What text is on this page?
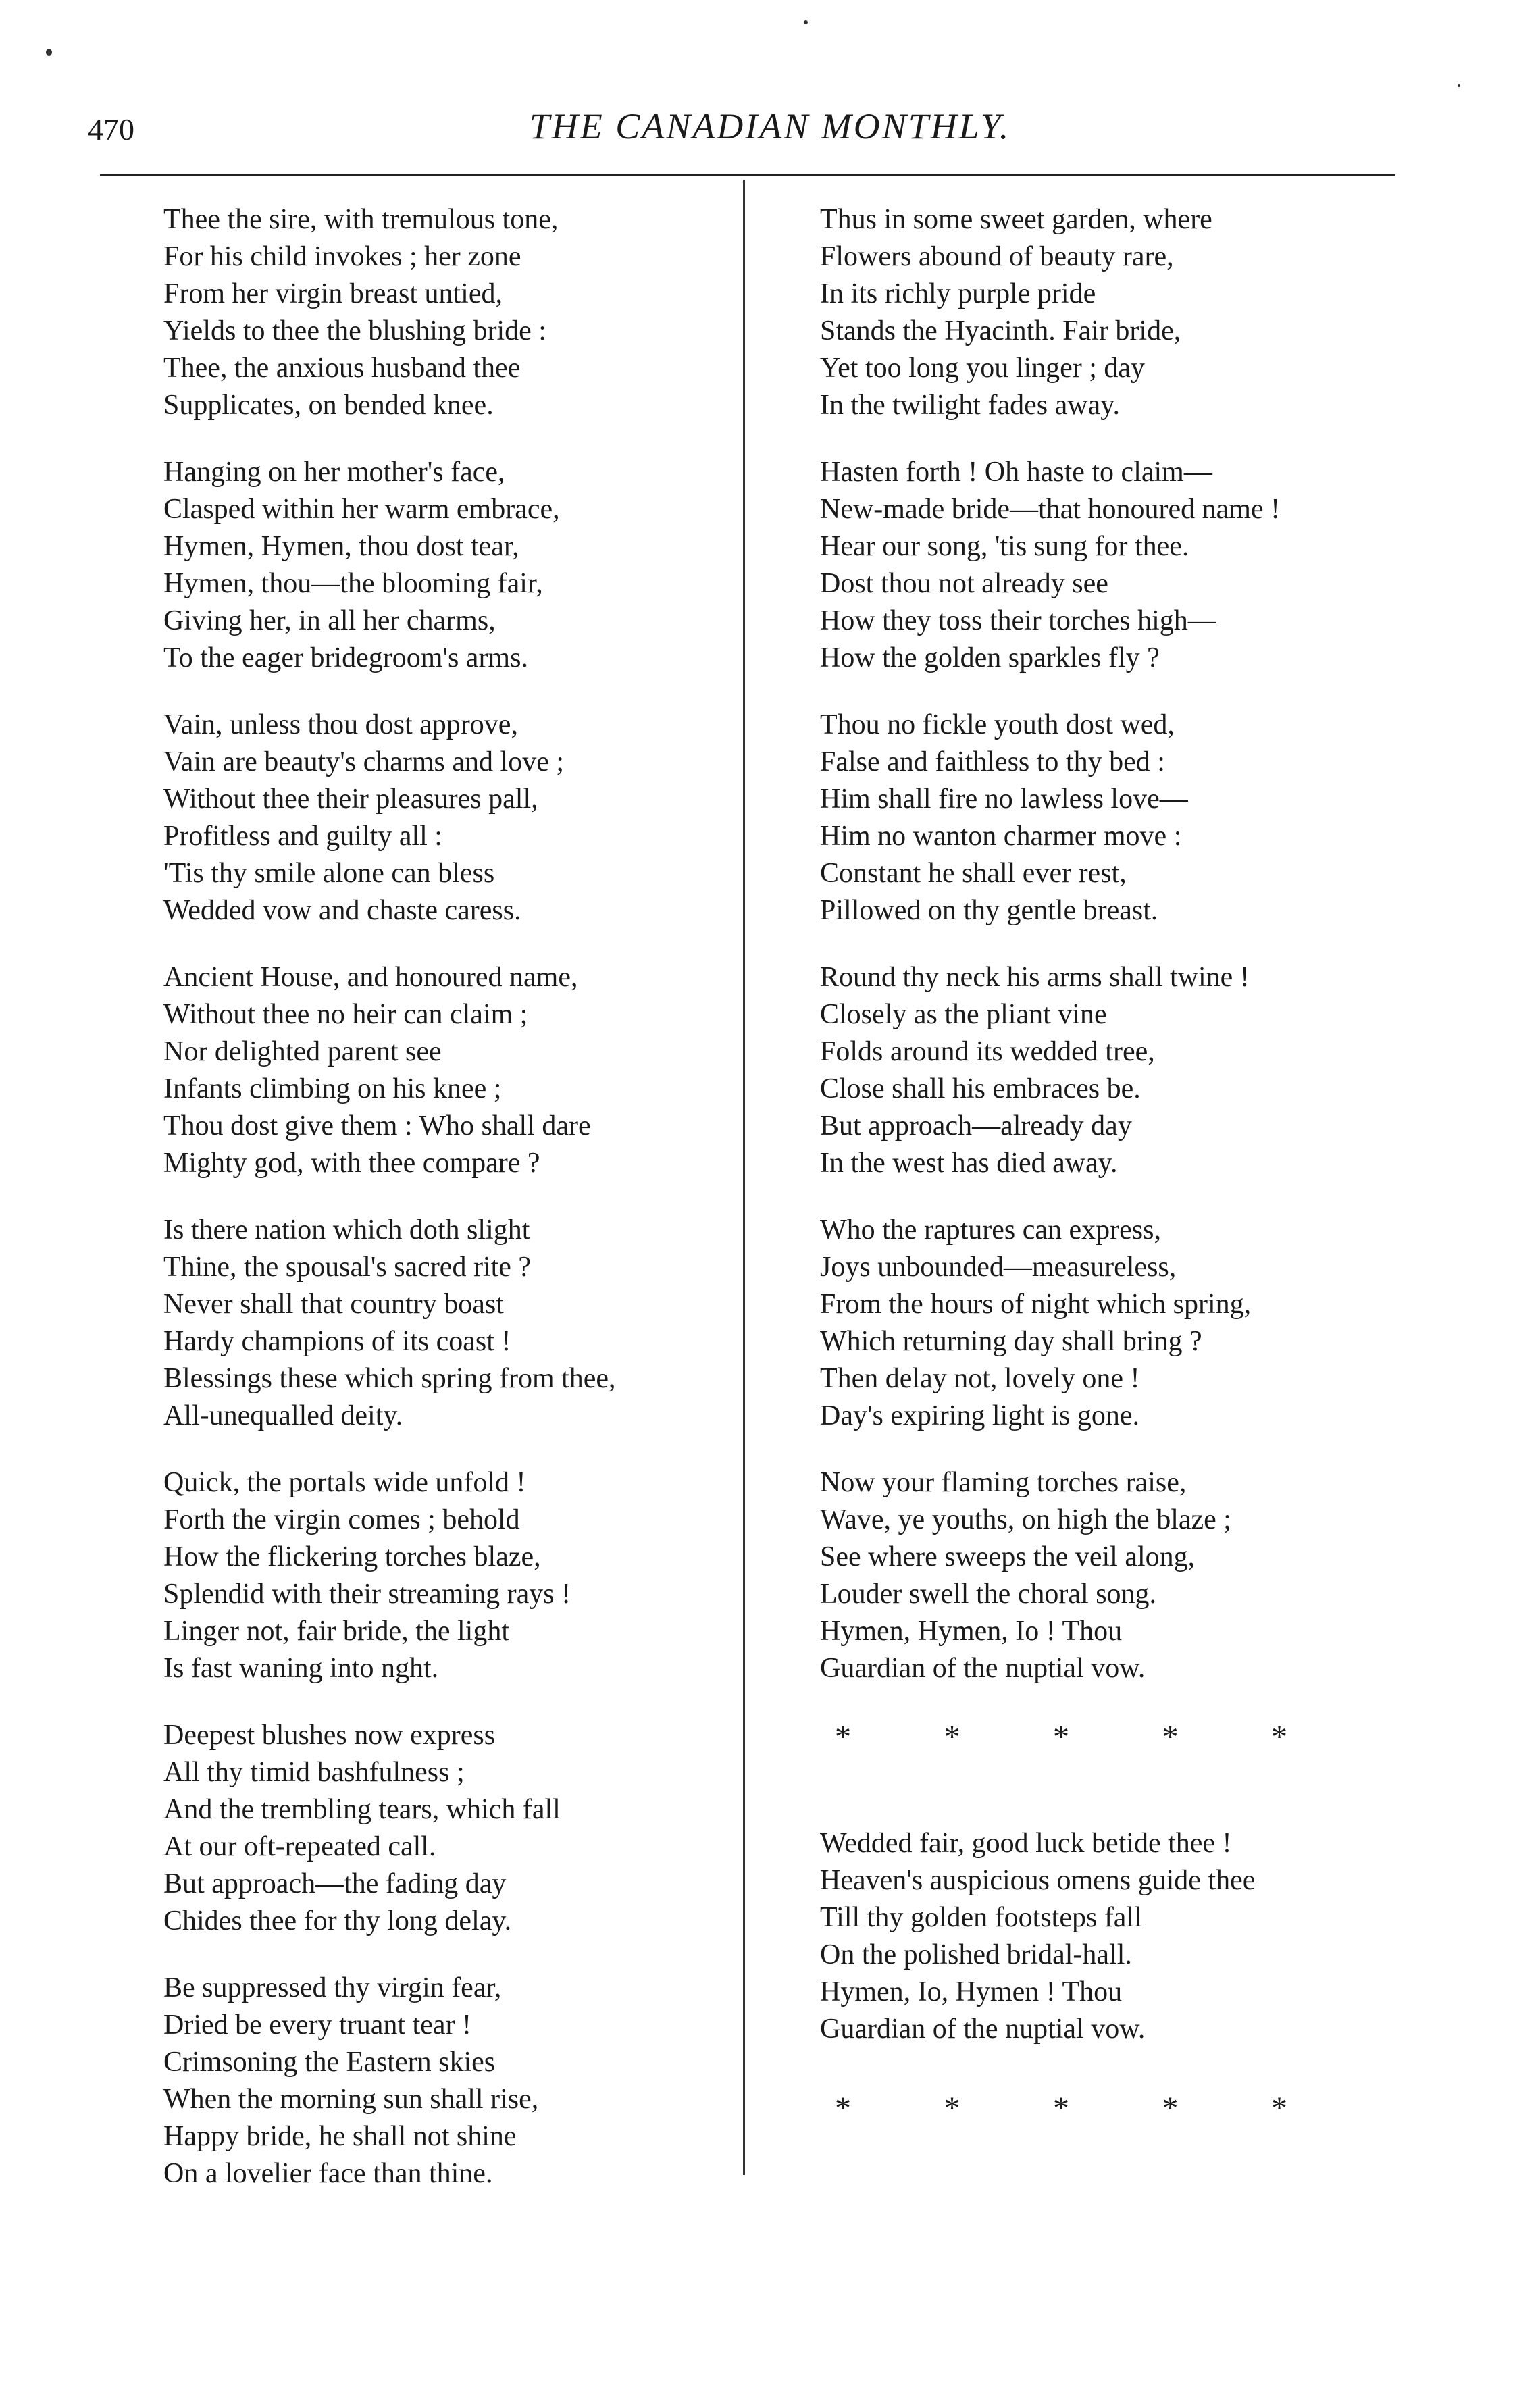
470	THE CANADIAN MONTHLY.
Thee the sire, with tremulous tone,
For his child invokes ; her zone
From her virgin breast untied,
Yields to thee the blushing bride :
Thee, the anxious husband thee
Supplicates, on bended knee.
Hanging on her mother's face,
Clasped within her warm embrace,
Hymen, Hymen, thou dost tear,
Hymen, thou—the blooming fair,
Giving her, in all her charms,
To the eager bridegroom's arms.
Vain, unless thou dost approve,
Vain are beauty's charms and love ;
Without thee their pleasures pall,
Profitless and guilty all :
'Tis thy smile alone can bless
Wedded vow and chaste caress.
Ancient House, and honoured name,
Without thee no heir can claim ;
Nor delighted parent see
Infants climbing on his knee ;
Thou dost give them : Who shall dare
Mighty god, with thee compare ?
Is there nation which doth slight
Thine, the spousal's sacred rite ?
Never shall that country boast
Hardy champions of its coast !
Blessings these which spring from thee,
All-unequalled deity.
Quick, the portals wide unfold !
Forth the virgin comes ; behold
How the flickering torches blaze,
Splendid with their streaming rays !
Linger not, fair bride, the light
Is fast waning into nght.
Deepest blushes now express
All thy timid bashfulness ;
And the trembling tears, which fall
At our oft-repeated call.
But approach—the fading day
Chides thee for thy long delay.
Be suppressed thy virgin fear,
Dried be every truant tear !
Crimsoning the Eastern skies
When the morning sun shall rise,
Happy bride, he shall not shine
On a lovelier face than thine.
Thus in some sweet garden, where
Flowers abound of beauty rare,
In its richly purple pride
Stands the Hyacinth. Fair bride,
Yet too long you linger ; day
In the twilight fades away.
Hasten forth ! Oh haste to claim—
New-made bride—that honoured name !
Hear our song, 'tis sung for thee.
Dost thou not already see
How they toss their torches high—
How the golden sparkles fly ?
Thou no fickle youth dost wed,
False and faithless to thy bed :
Him shall fire no lawless love—
Him no wanton charmer move :
Constant he shall ever rest,
Pillowed on thy gentle breast.
Round thy neck his arms shall twine !
Closely as the pliant vine
Folds around its wedded tree,
Close shall his embraces be.
But approach—already day
In the west has died away.
Who the raptures can express,
Joys unbounded—measureless,
From the hours of night which spring,
Which returning day shall bring ?
Then delay not, lovely one !
Day's expiring light is gone.
Now your flaming torches raise,
Wave, ye youths, on high the blaze ;
See where sweeps the veil along,
Louder swell the choral song.
Hymen, Hymen, Io ! Thou
Guardian of the nuptial vow.
*	*	*	*	*
Wedded fair, good luck betide thee !
Heaven's auspicious omens guide thee
Till thy golden footsteps fall
On the polished bridal-hall.
Hymen, Io, Hymen ! Thou
Guardian of the nuptial vow.
*	*	*	*	*
